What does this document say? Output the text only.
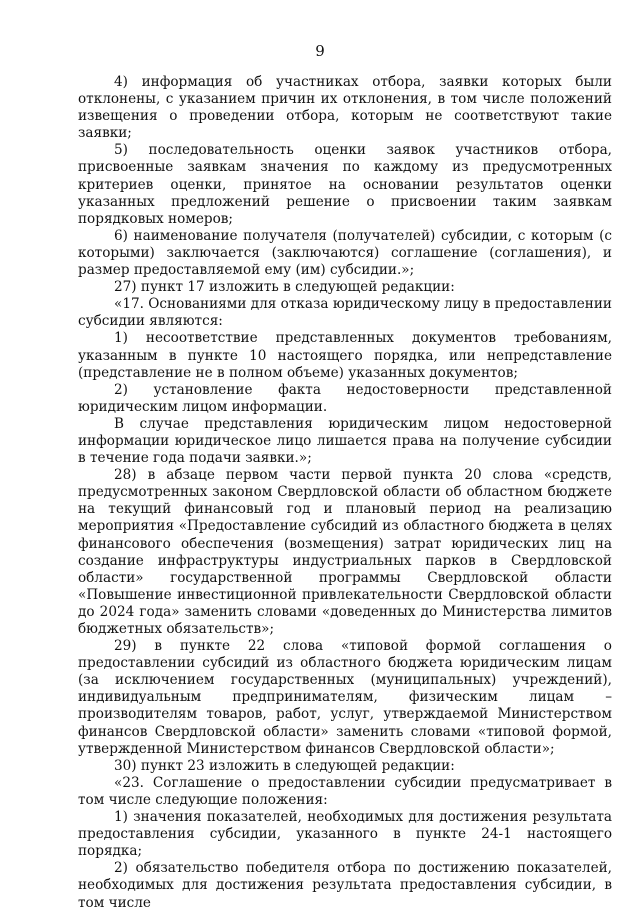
9

4) информация об участниках отбора, заявки которых были отклонены, с указанием причин их отклонения, в том числе положений извещения о проведении отбора, которым не соответствуют такие заявки;

5) последовательность оценки заявок участников отбора, присвоенные заявкам значения по каждому из предусмотренных критериев оценки, принятое на основании результатов оценки указанных предложений решение о присвоении таким заявкам порядковых номеров;

6) наименование получателя (получателей) субсидии, с которым (с которыми) заключается (заключаются) соглашение (соглашения), и размер предоставляемой ему (им) субсидии.»;

27) пункт 17 изложить в следующей редакции:

«17. Основаниями для отказа юридическому лицу в предоставлении субсидии являются:

1) несоответствие представленных документов требованиям, указанным в пункте 10 настоящего порядка, или непредставление (представление не в полном объеме) указанных документов;

2) установление факта недостоверности представленной юридическим лицом информации.

В случае представления юридическим лицом недостоверной информации юридическое лицо лишается права на получение субсидии в течение года подачи заявки.»;

28) в абзаце первом части первой пункта 20 слова «средств, предусмотренных законом Свердловской области об областном бюджете на текущий финансовый год и плановый период на реализацию мероприятия «Предоставление субсидий из областного бюджета в целях финансового обеспечения (возмещения) затрат юридических лиц на создание инфраструктуры индустриальных парков в Свердловской области» государственной программы Свердловской области «Повышение инвестиционной привлекательности Свердловской области до 2024 года» заменить словами «доведенных до Министерства лимитов бюджетных обязательств»;

29) в пункте 22 слова «типовой формой соглашения о предоставлении субсидий из областного бюджета юридическим лицам (за исключением государственных (муниципальных) учреждений), индивидуальным предпринимателям, физическим лицам – производителям товаров, работ, услуг, утверждаемой Министерством финансов Свердловской области» заменить словами «типовой формой, утвержденной Министерством финансов Свердловской области»;

30) пункт 23 изложить в следующей редакции:

«23. Соглашение о предоставлении субсидии предусматривает в том числе следующие положения:

1) значения показателей, необходимых для достижения результата предоставления субсидии, указанного в пункте 24-1 настоящего порядка;

2) обязательство победителя отбора по достижению показателей, необходимых для достижения результата предоставления субсидии, в том числе
